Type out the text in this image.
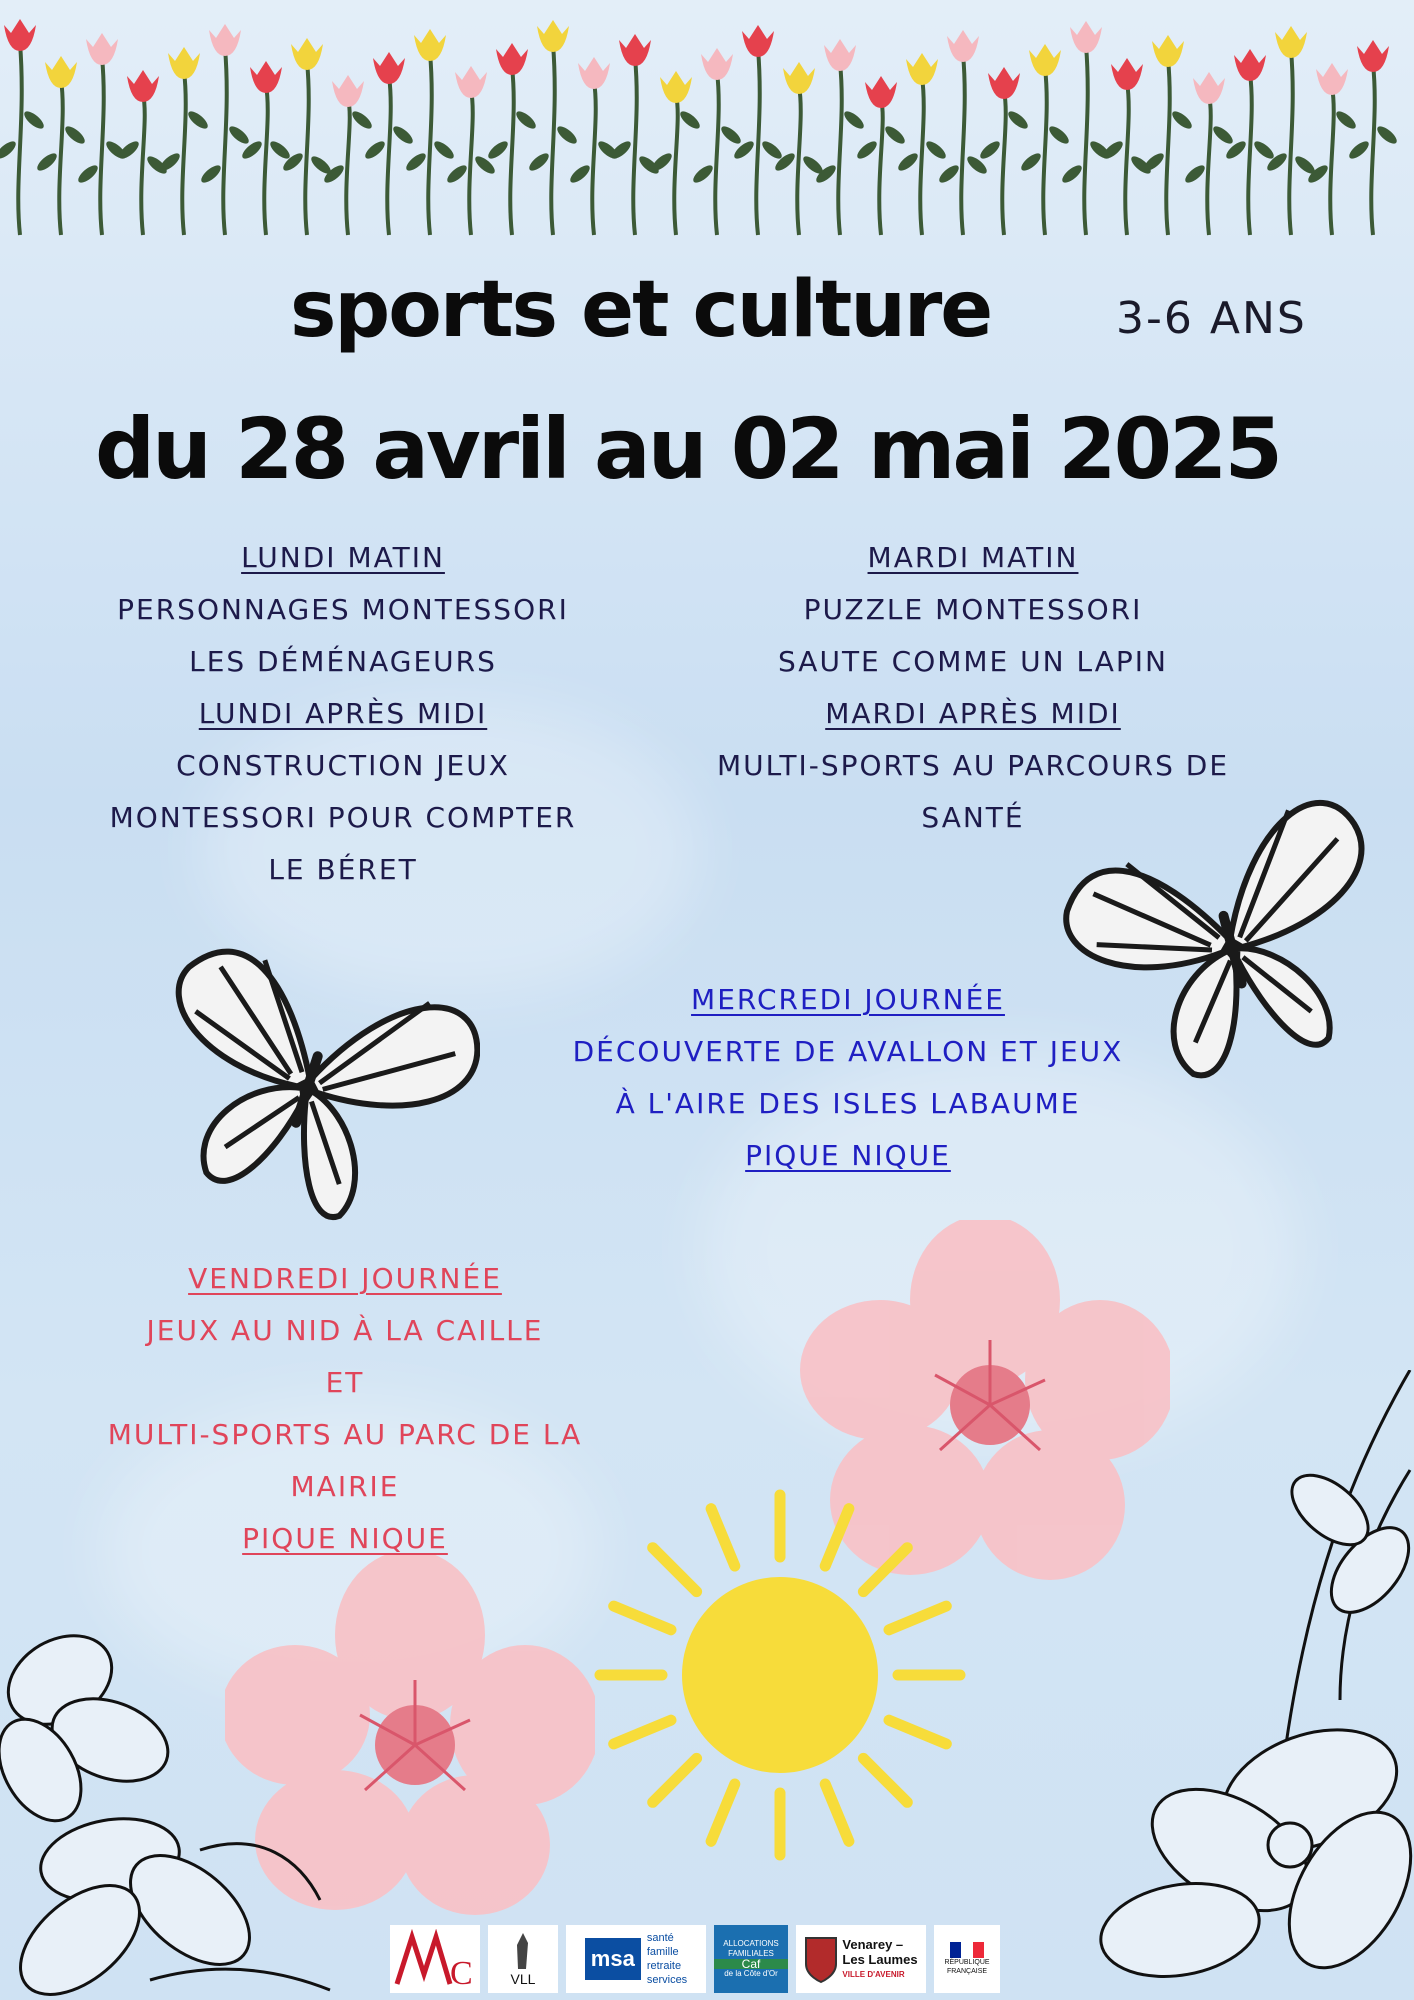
sports et culture	3-6 ANS
du 28 avril au 02 mai 2025
LUNDI MATIN
PERSONNAGES MONTESSORI
LES DÉMÉNAGEURS
LUNDI APRÈS MIDI
CONSTRUCTION JEUX
MONTESSORI POUR COMPTER
LE BÉRET
MARDI MATIN
PUZZLE MONTESSORI
SAUTE COMME UN LAPIN
MARDI APRÈS MIDI
MULTI-SPORTS AU PARCOURS DE
SANTÉ
MERCREDI JOURNÉE
DÉCOUVERTE DE AVALLON ET JEUX
À L'AIRE DES ISLES LABAUME
PIQUE NIQUE
VENDREDI JOURNÉE
JEUX AU NID À LA CAILLE
ET
MULTI-SPORTS AU PARC DE LA
MAIRIE
PIQUE NIQUE
C	VLL
msa
santé
famille
retraite
services
ALLOCATIONS
FAMILIALES
Caf
de la Côte d'Or
Venarey –
Les Laumes
VILLE D'AVENIR
RÉPUBLIQUE
FRANÇAISE
